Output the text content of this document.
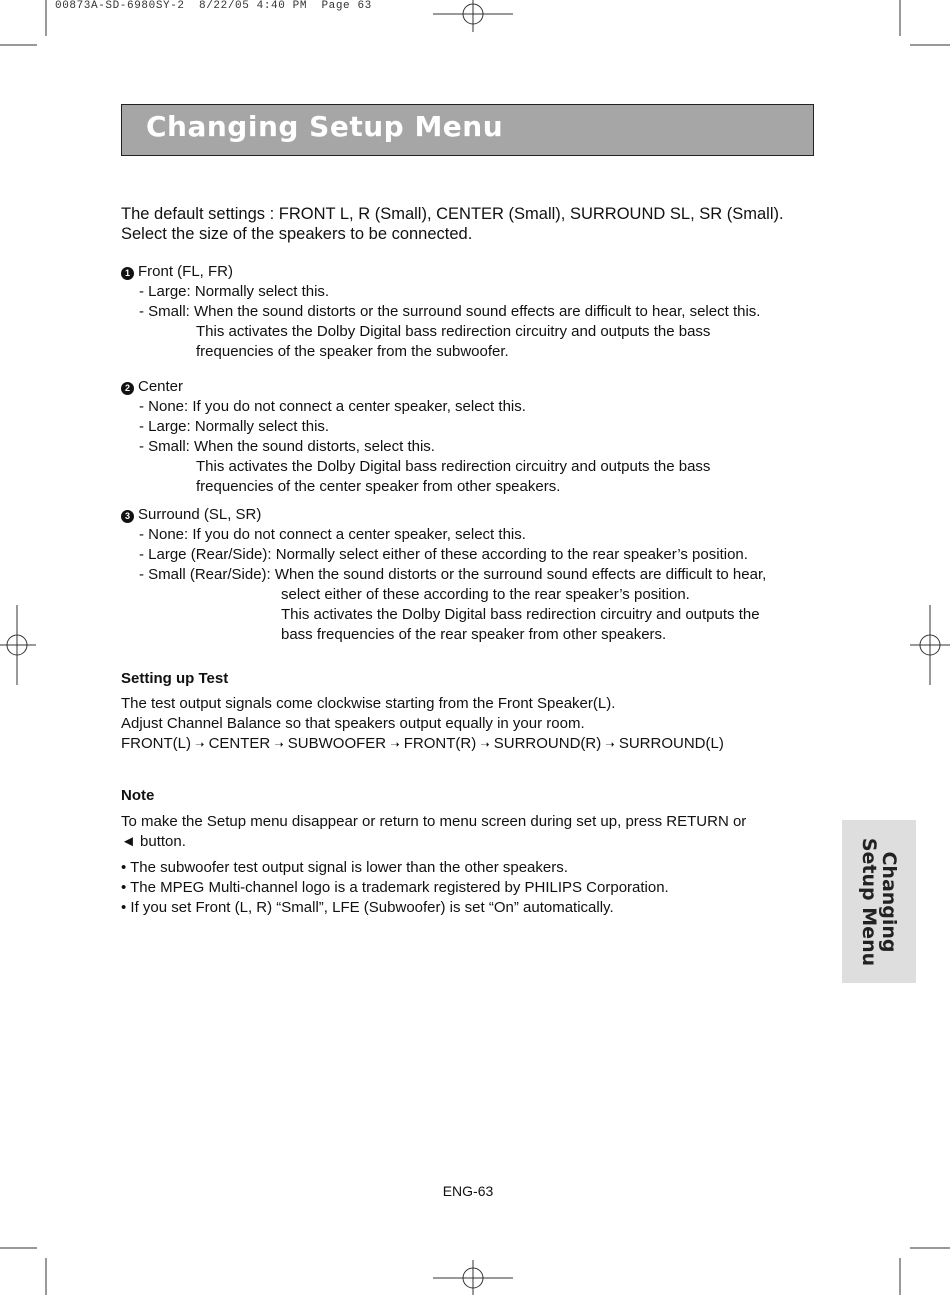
00873A-SD-6980SY-2  8/22/05 4:40 PM  Page 63
Changing Setup Menu
The default settings : FRONT L, R (Small), CENTER (Small), SURROUND SL, SR (Small).
Select the size of the speakers to be connected.
1 Front (FL, FR)
- Large: Normally select this.
- Small: When the sound distorts or the surround sound effects are difficult to hear, select this.
This activates the Dolby Digital bass redirection circuitry and outputs the bass
frequencies of the speaker from the subwoofer.
2 Center
- None: If you do not connect a center speaker, select this.
- Large: Normally select this.
- Small: When the sound distorts, select this.
This activates the Dolby Digital bass redirection circuitry and outputs the bass
frequencies of the center speaker from other speakers.
3 Surround (SL, SR)
- None: If you do not connect a center speaker, select this.
- Large (Rear/Side): Normally select either of these according to the rear speaker’s position.
- Small (Rear/Side): When the sound distorts or the surround sound effects are difficult to hear,
select either of these according to the rear speaker’s position.
This activates the Dolby Digital bass redirection circuitry and outputs the
bass frequencies of the rear speaker from other speakers.
Setting up Test
The test output signals come clockwise starting from the Front Speaker(L).
Adjust Channel Balance so that speakers output equally in your room.
FRONT(L) ➝ CENTER ➝ SUBWOOFER ➝ FRONT(R) ➝ SURROUND(R) ➝ SURROUND(L)
Note
To make the Setup menu disappear or return to menu screen during set up, press RETURN or
◄ button.
• The subwoofer test output signal is lower than the other speakers.
• The MPEG Multi-channel logo is a trademark registered by PHILIPS Corporation.
• If you set Front (L, R) “Small”, LFE (Subwoofer) is set “On” automatically.	Changing
Setup Menu
ENG-63
